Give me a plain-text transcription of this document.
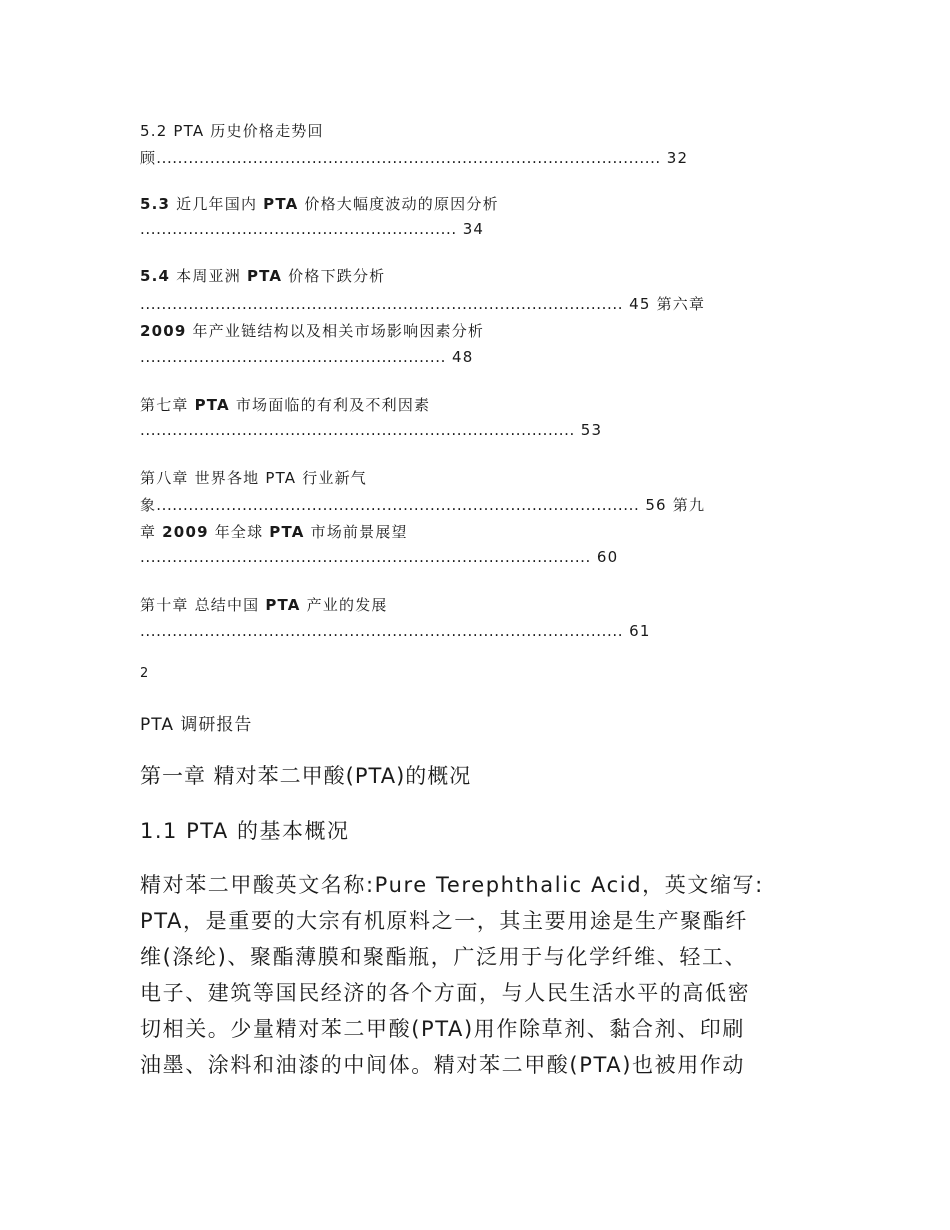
5.2 PTA 历史价格走势回
顾.............................................................................................. 32
5.3 近几年国内 PTA 价格大幅度波动的原因分析
........................................................... 34
5.4 本周亚洲 PTA 价格下跌分析
.......................................................................................... 45 第六章
2009 年产业链结构以及相关市场影响因素分析
......................................................... 48
第七章 PTA 市场面临的有利及不利因素
................................................................................. 53
第八章 世界各地 PTA 行业新气
象.......................................................................................... 56 第九
章 2009 年全球 PTA 市场前景展望
.................................................................................... 60
第十章 总结中国 PTA 产业的发展
.......................................................................................... 61
2
PTA 调研报告
第一章 精对苯二甲酸(PTA)的概况
1.1 PTA 的基本概况
精对苯二甲酸英文名称:Pure Terephthalic Acid，英文缩写:
PTA，是重要的大宗有机原料之一，其主要用途是生产聚酯纤
维(涤纶)、聚酯薄膜和聚酯瓶，广泛用于与化学纤维、轻工、
电子、建筑等国民经济的各个方面，与人民生活水平的高低密
切相关。少量精对苯二甲酸(PTA)用作除草剂、黏合剂、印刷
油墨、涂料和油漆的中间体。精对苯二甲酸(PTA)也被用作动
